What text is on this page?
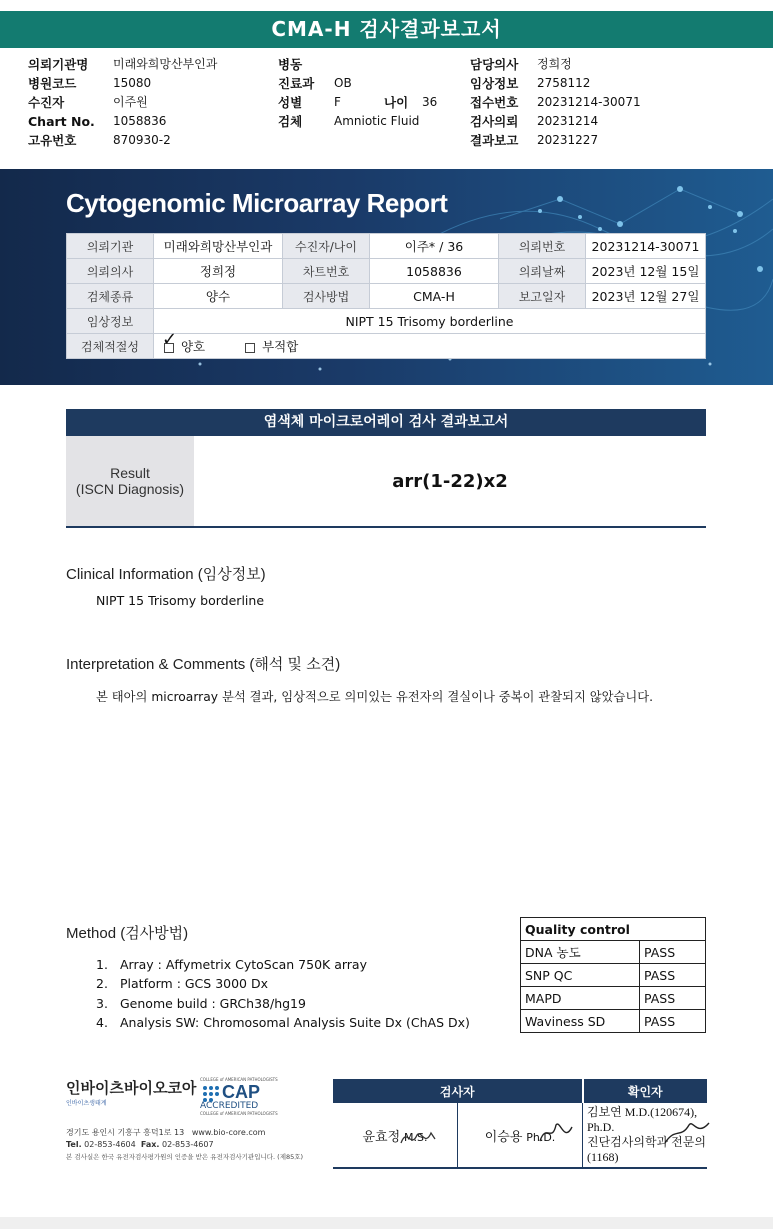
CMA-H 검사결과보고서
의뢰기관명	미래와희망산부인과
병원코드	15080
수진자	이주원
Chart No.	1058836
고유번호	870930-2
병동
진료과	OB
성별	F	나이	36
검체	Amniotic Fluid
담당의사	정희정
임상정보	2758112
접수번호	20231214-30071
검사의뢰	20231214
결과보고	20231227
Cytogenomic Microarray Report
의뢰기관	미래와희망산부인과	수진자/나이	이주* / 36	의뢰번호	20231214-30071
의뢰의사	정희정	차트번호	1058836	의뢰날짜	2023년 12월 15일
검체종류	양수	검사방법	CMA-H	보고일자	2023년 12월 27일
임상정보	NIPT 15 Trisomy borderline				
검체적절성	✓ 양호 부적합				
염색체 마이크로어레이 검사 결과보고서
Result
(ISCN Diagnosis)	arr(1-22)x2
Clinical Information (임상정보)
NIPT 15 Trisomy borderline
Interpretation & Comments (해석 및 소견)
본 태아의 microarray 분석 결과, 임상적으로 의미있는 유전자의 결실이나 중복이 관찰되지 않았습니다.
Method (검사방법)
1. Array : Affymetrix CytoScan 750K array
2. Platform : GCS 3000 Dx
3. Genome build : GRCh38/hg19
4. Analysis SW: Chromosomal Analysis Suite Dx (ChAS Dx)
Quality control	
DNA 농도	PASS
SNP QC	PASS
MAPD	PASS
Waviness SD	PASS
인바이츠바이오코아
인바이츠생태계
경기도 용인시 기흥구 흥덕1로 13 www.bio-core.com
Tel. 02-853-4604 Fax. 02-853-4607
본 검사실은 한국 유전자검사평가원의 인증을 받은 유전자검사기관입니다. (제85호)
COLLEGE of AMERICAN PATHOLOGISTS
CAP
ACCREDITED
COLLEGE of AMERICAN PATHOLOGISTS
검사자		확인자
윤효정 M.S.	이승용 Ph.D.	김보연 M.D.(120674), Ph.D.
진단검사의학과 전문의(1168)
